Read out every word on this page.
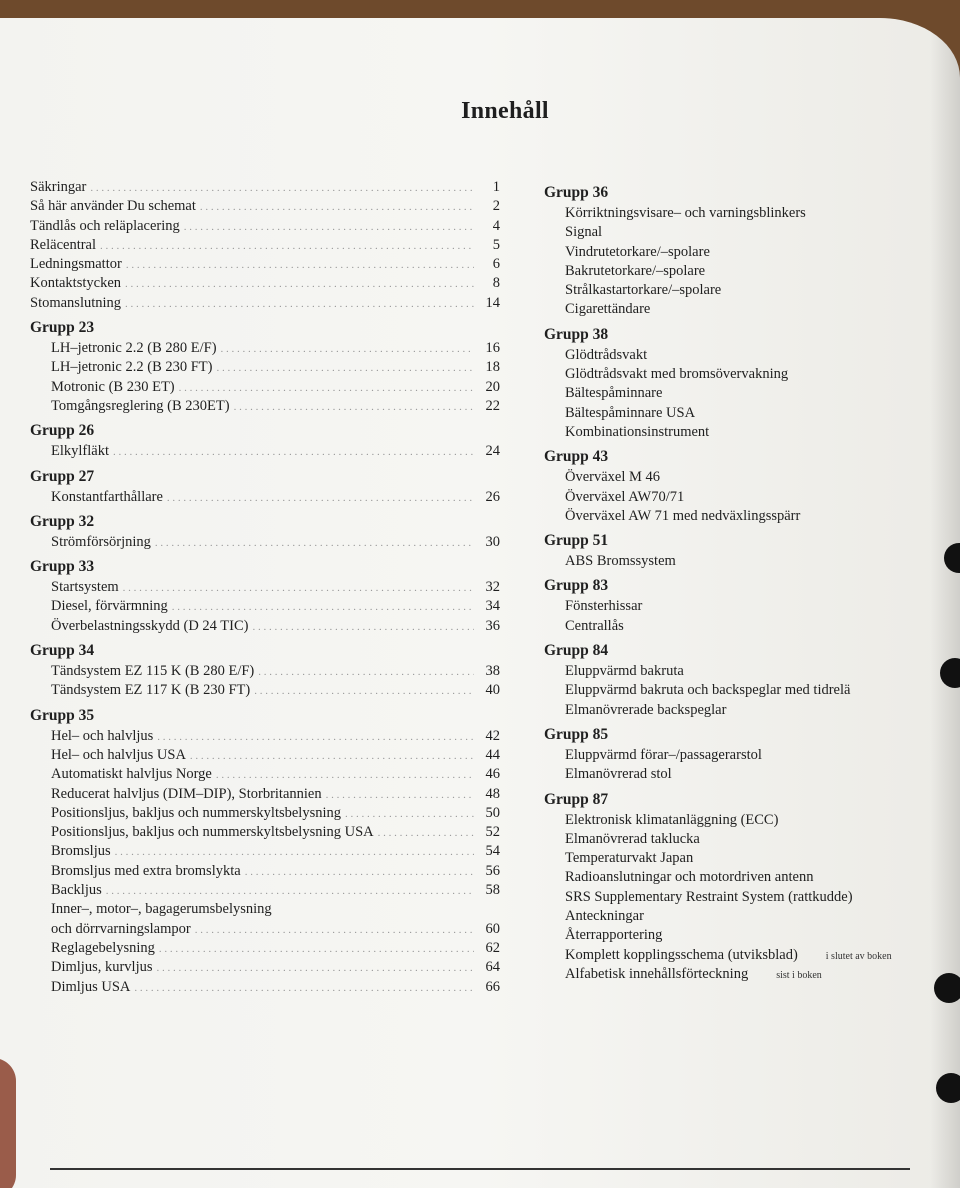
Innehåll
Säkringar . . .	1
Så här använder Du schemat . . .	2
Tändlås och reläplacering . . .	4
Reläcentral . . .	5
Ledningsmattor . . .	6
Kontaktstycken . . .	8
Stomanslutning . . .	14
Grupp 23
LH–jetronic 2.2 (B 280 E/F) . . .	16
LH–jetronic 2.2 (B 230 FT) . . .	18
Motronic (B 230 ET) . . .	20
Tomgångsreglering (B 230ET) . . .	22
Grupp 26
Elkylfläkt . . .	24
Grupp 27
Konstantfarthållare . . .	26
Grupp 32
Strömförsörjning . . .	30
Grupp 33
Startsystem . . .	32
Diesel, förvärmning . . .	34
Överbelastningsskydd (D 24 TIC) . . .	36
Grupp 34
Tändsystem EZ 115 K (B 280 E/F) . . .	38
Tändsystem EZ 117 K (B 230 FT) . . .	40
Grupp 35
Hel– och halvljus . . .	42
Hel– och halvljus USA . . .	44
Automatiskt halvljus Norge . . .	46
Reducerat halvljus (DIM–DIP), Storbritannien . . .	48
Positionsljus, bakljus och nummerskyltsbelysning . . .	50
Positionsljus, bakljus och nummerskyltsbelysning USA . . .	52
Bromsljus . . .	54
Bromsljus med extra bromslykta . . .	56
Backljus . . .	58
Inner–, motor–, bagagerumsbelysning
och dörrvarningslampor . . .	60
Reglagebelysning . . .	62
Dimljus, kurvljus . . .	64
Dimljus USA . . .	66
Grupp 36
Körriktningsvisare– och varningsblinkers
Signal
Vindrutetorkare/–spolare
Bakrutetorkare/–spolare
Strålkastartorkare/–spolare
Cigarettändare
Grupp 38
Glödtrådsvakt
Glödtrådsvakt med bromsövervakning
Bältespåminnare
Bältespåminnare USA
Kombinationsinstrument
Grupp 43
Överväxel M 46
Överväxel AW70/71
Överväxel AW 71 med nedväxlingsspärr
Grupp 51
ABS Bromssystem
Grupp 83
Fönsterhissar
Centrallås
Grupp 84
Eluppvärmd bakruta
Eluppvärmd bakruta och backspeglar med tidrelä
Elmanövrerade backspeglar
Grupp 85
Eluppvärmd förar–/passagerarstol
Elmanövrerad stol
Grupp 87
Elektronisk klimatanläggning (ECC)
Elmanövrerad taklucka
Temperaturvakt Japan
Radioanslutningar och motordriven antenn
SRS Supplementary Restraint System (rattkudde)
Anteckningar
Återrapportering
Komplett kopplingsschema (utviksblad)	i slutet av boken
Alfabetisk innehållsförteckning	sist i boken
